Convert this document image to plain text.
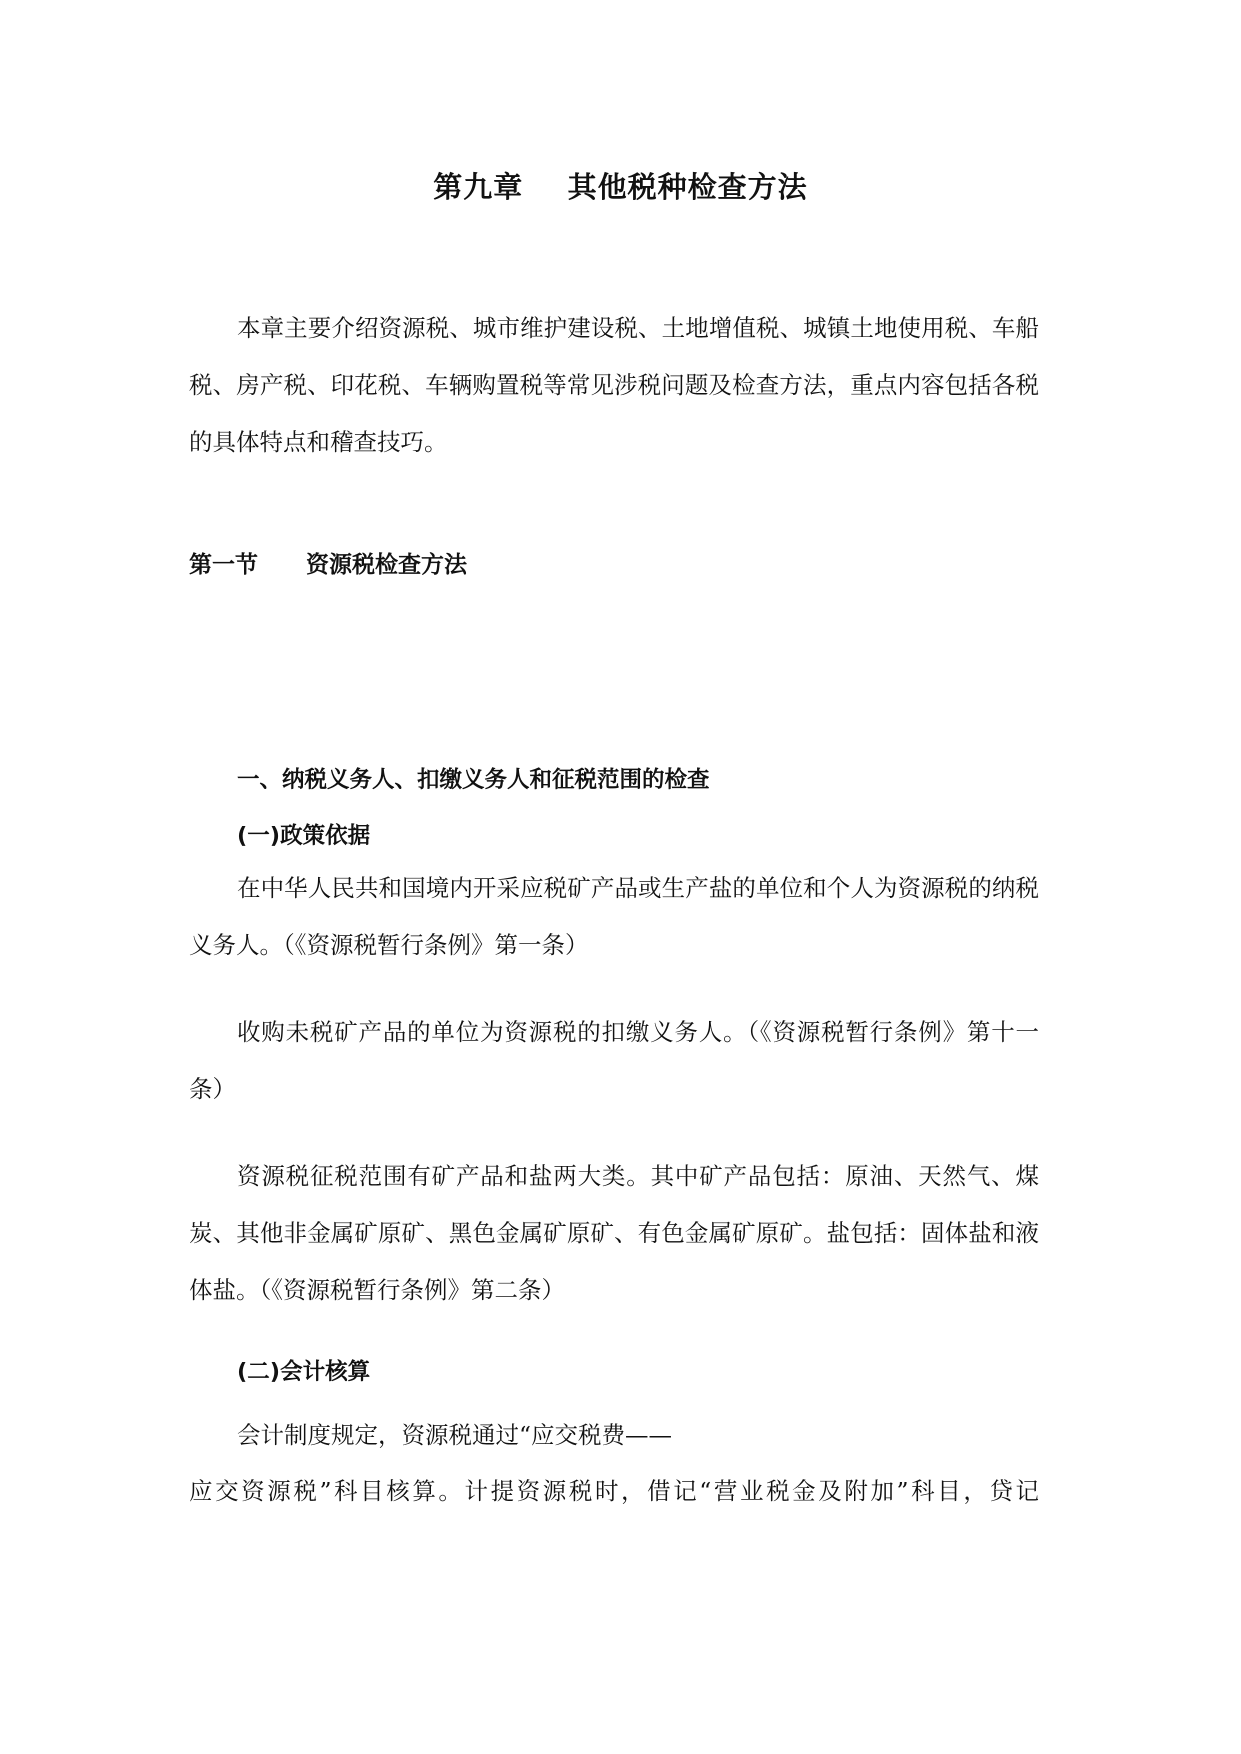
第九章    其他税种检查方法

本章主要介绍资源税、城市维护建设税、土地增值税、城镇土地使用税、车船税、房产税、印花税、车辆购置税等常见涉税问题及检查方法，重点内容包括各税的具体特点和稽查技巧。

第一节      资源税检查方法
一、纳税义务人、扣缴义务人和征税范围的检查
(一)政策依据

在中华人民共和国境内开采应税矿产品或生产盐的单位和个人为资源税的纳税义务人。（《资源税暂行条例》第一条）

收购未税矿产品的单位为资源税的扣缴义务人。（《资源税暂行条例》第十一条）

资源税征税范围有矿产品和盐两大类。其中矿产品包括：原油、天然气、煤炭、其他非金属矿原矿、黑色金属矿原矿、有色金属矿原矿。盐包括：固体盐和液体盐。（《资源税暂行条例》第二条）

(二)会计核算
会计制度规定，资源税通过“应交税费——
应交资源税”科目核算。计提资源税时，借记“营业税金及附加”科目，贷记
